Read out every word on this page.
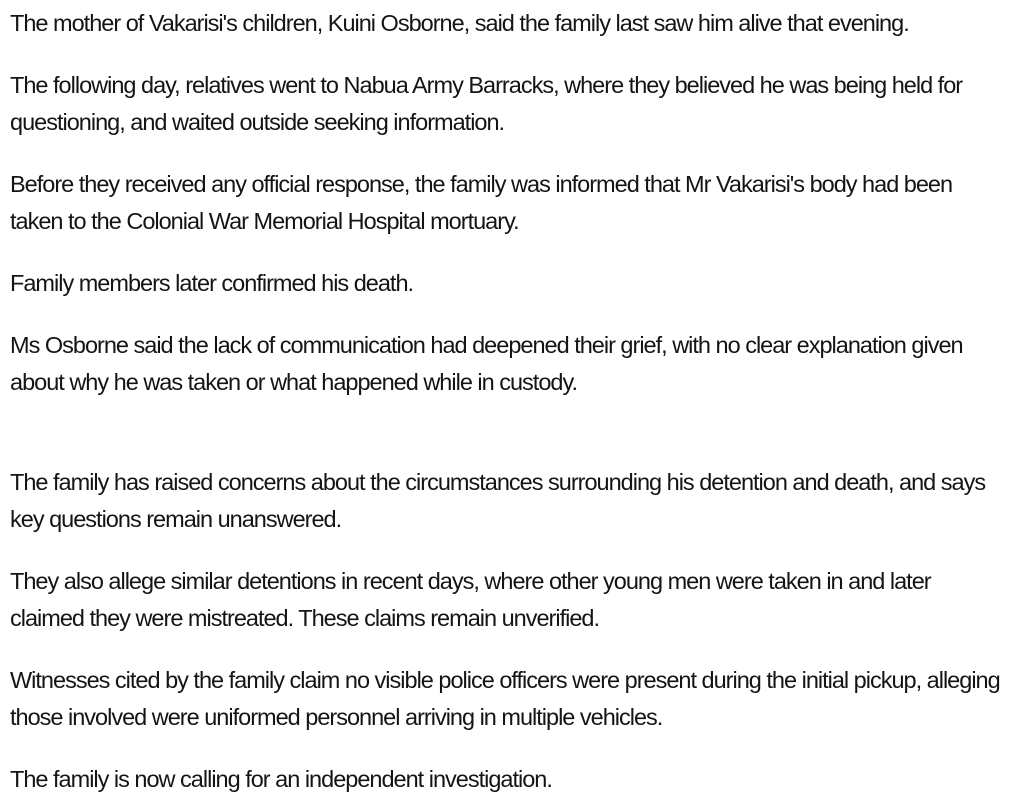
The mother of Vakarisi's children, Kuini Osborne, said the family last saw him alive that evening.

The following day, relatives went to Nabua Army Barracks, where they believed he was being held for questioning, and waited outside seeking information.

Before they received any official response, the family was informed that Mr Vakarisi's body had been taken to the Colonial War Memorial Hospital mortuary.

Family members later confirmed his death.

Ms Osborne said the lack of communication had deepened their grief, with no clear explanation given about why he was taken or what happened while in custody.

The family has raised concerns about the circumstances surrounding his detention and death, and says key questions remain unanswered.

They also allege similar detentions in recent days, where other young men were taken in and later claimed they were mistreated. These claims remain unverified.

Witnesses cited by the family claim no visible police officers were present during the initial pickup, alleging those involved were uniformed personnel arriving in multiple vehicles.

The family is now calling for an independent investigation.
